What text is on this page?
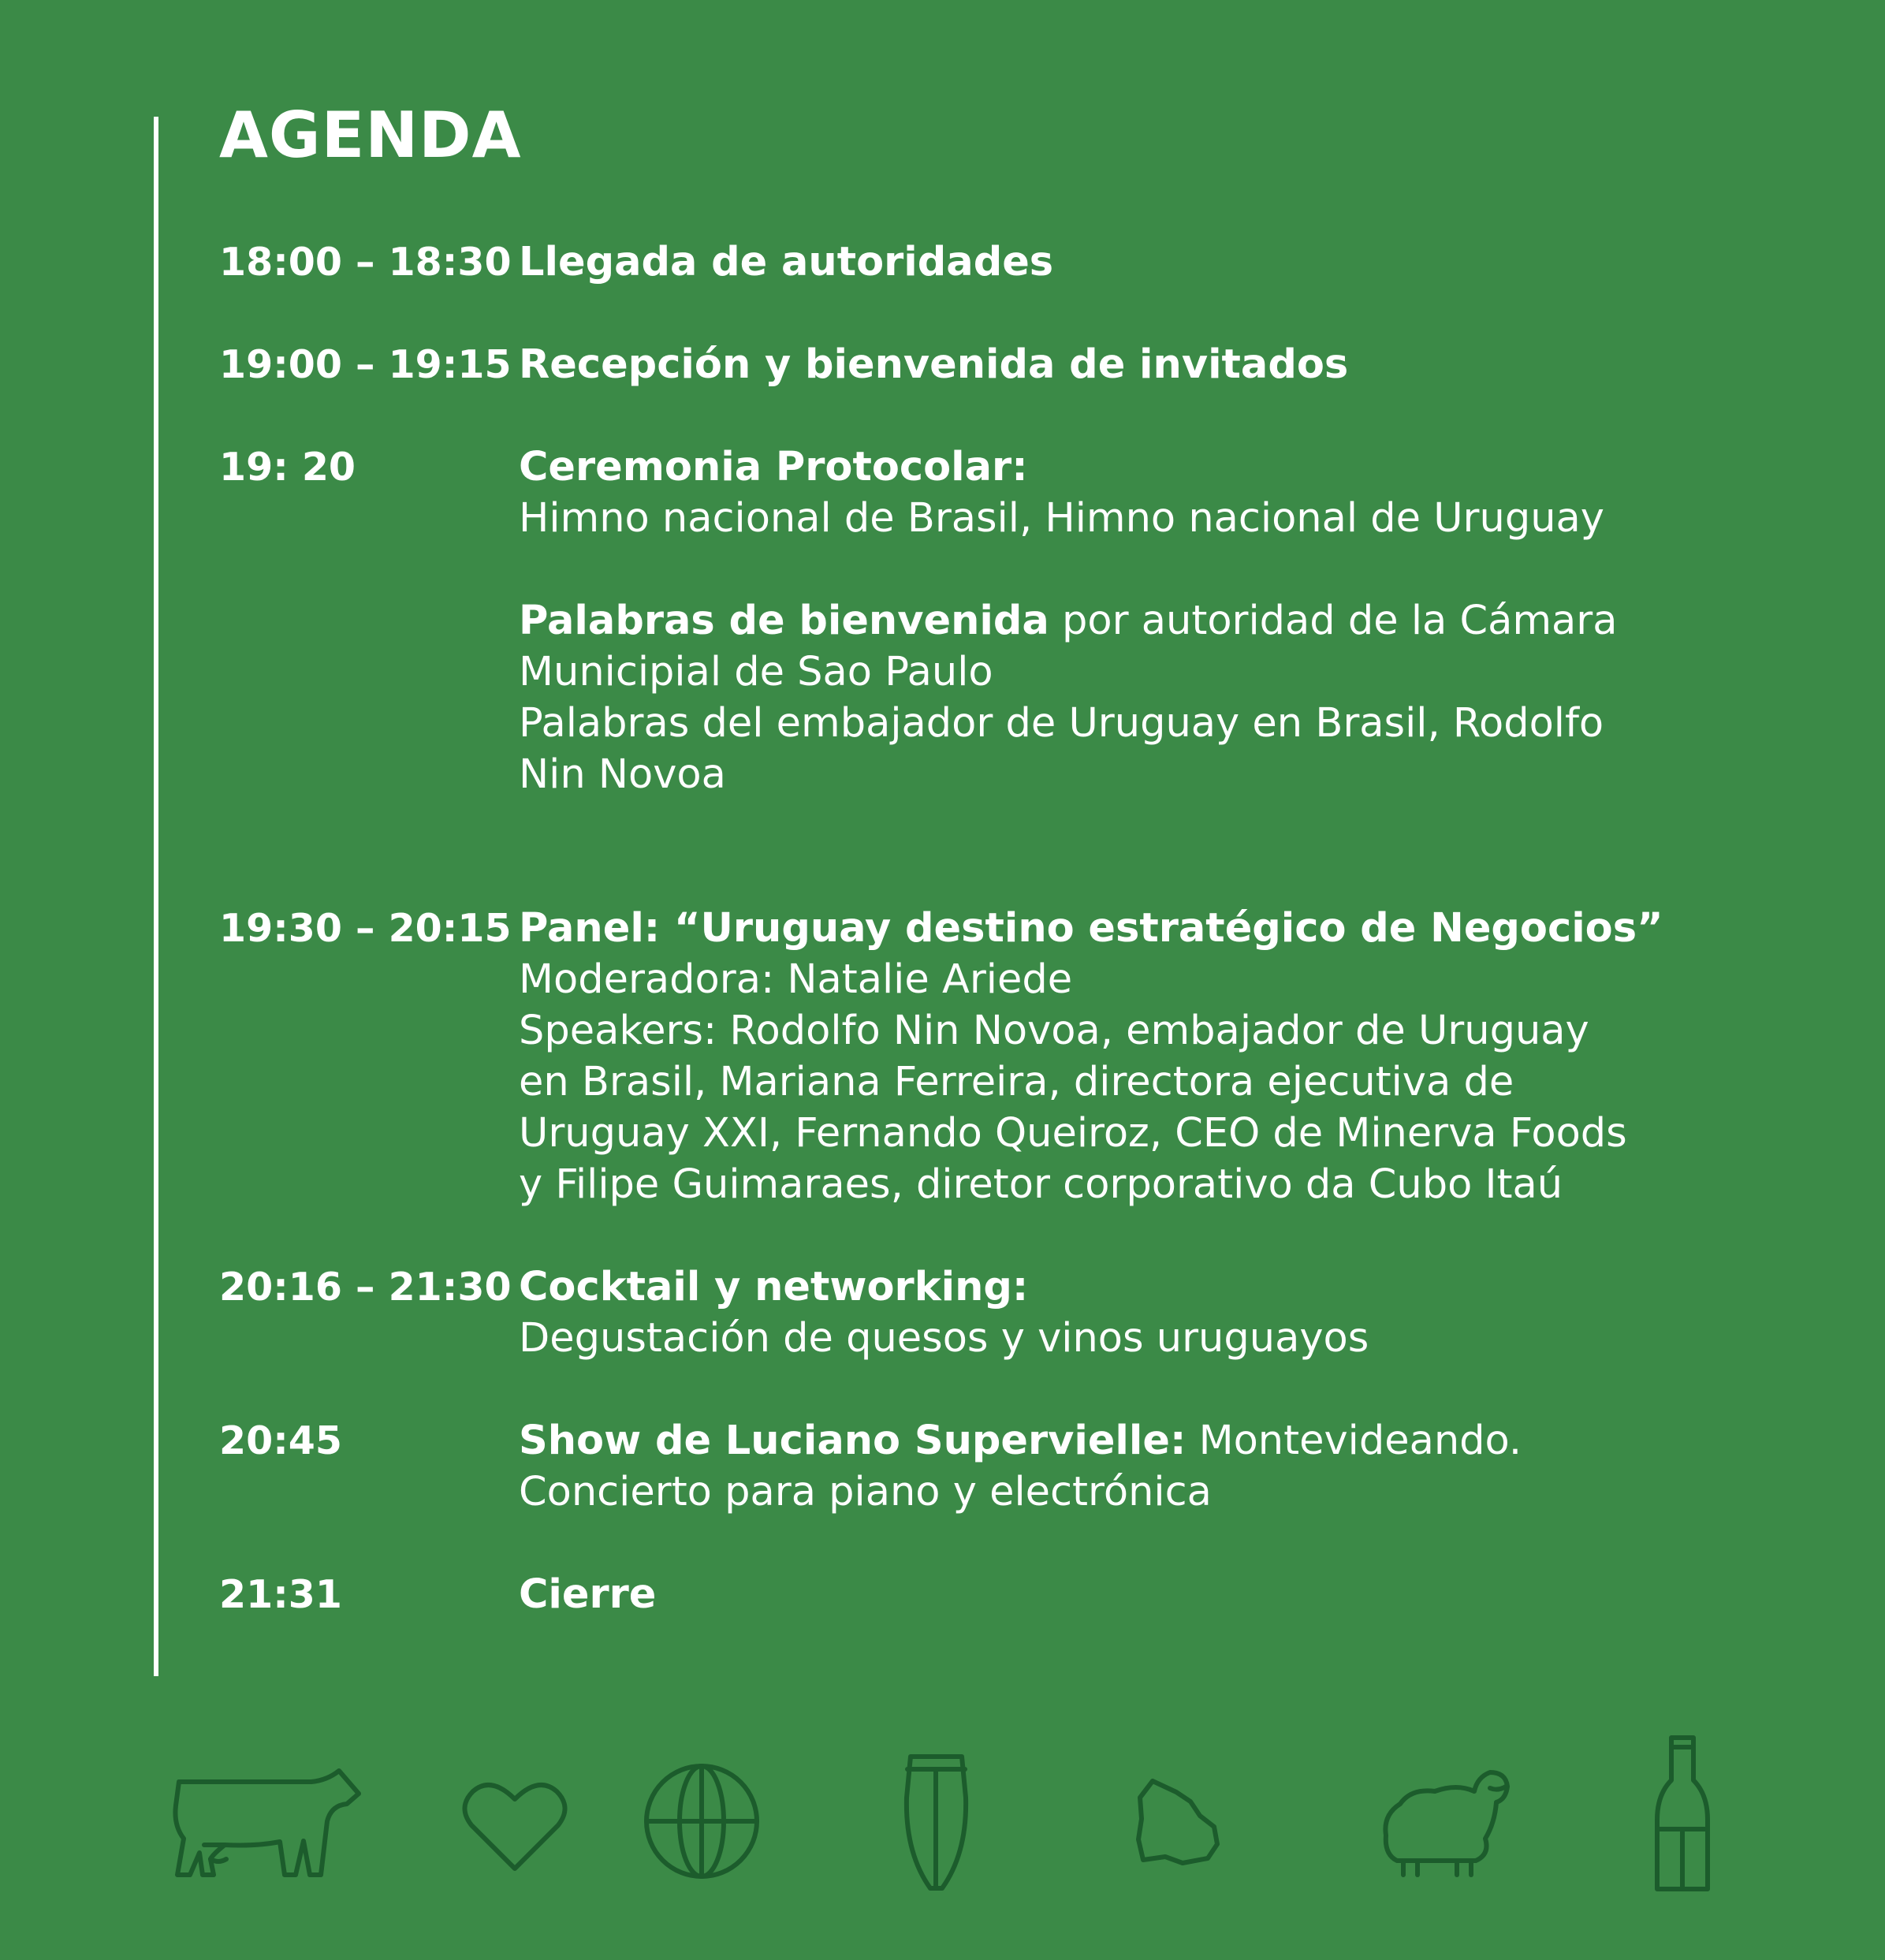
AGENDA
18:00 – 18:30 Llegada de autoridades
19:00 – 19:15 Recepción y bienvenida de invitados
19: 20	Ceremonia Protocolar:
Himno nacional de Brasil, Himno nacional de Uruguay
Palabras de bienvenida por autoridad de la Cámara
Municipial de Sao Paulo
Palabras del embajador de Uruguay en Brasil, Rodolfo
Nin Novoa
19:30 – 20:15 Panel: “Uruguay destino estratégico de Negocios”
Moderadora: Natalie Ariede
Speakers: Rodolfo Nin Novoa, embajador de Uruguay
en Brasil, Mariana Ferreira, directora ejecutiva de
Uruguay XXI, Fernando Queiroz, CEO de Minerva Foods
y Filipe Guimaraes, diretor corporativo da Cubo Itaú
20:16 – 21:30 Cocktail y networking:
Degustación de quesos y vinos uruguayos
20:45	Show de Luciano Supervielle: Montevideando.
Concierto para piano y electrónica
21:31	Cierre
